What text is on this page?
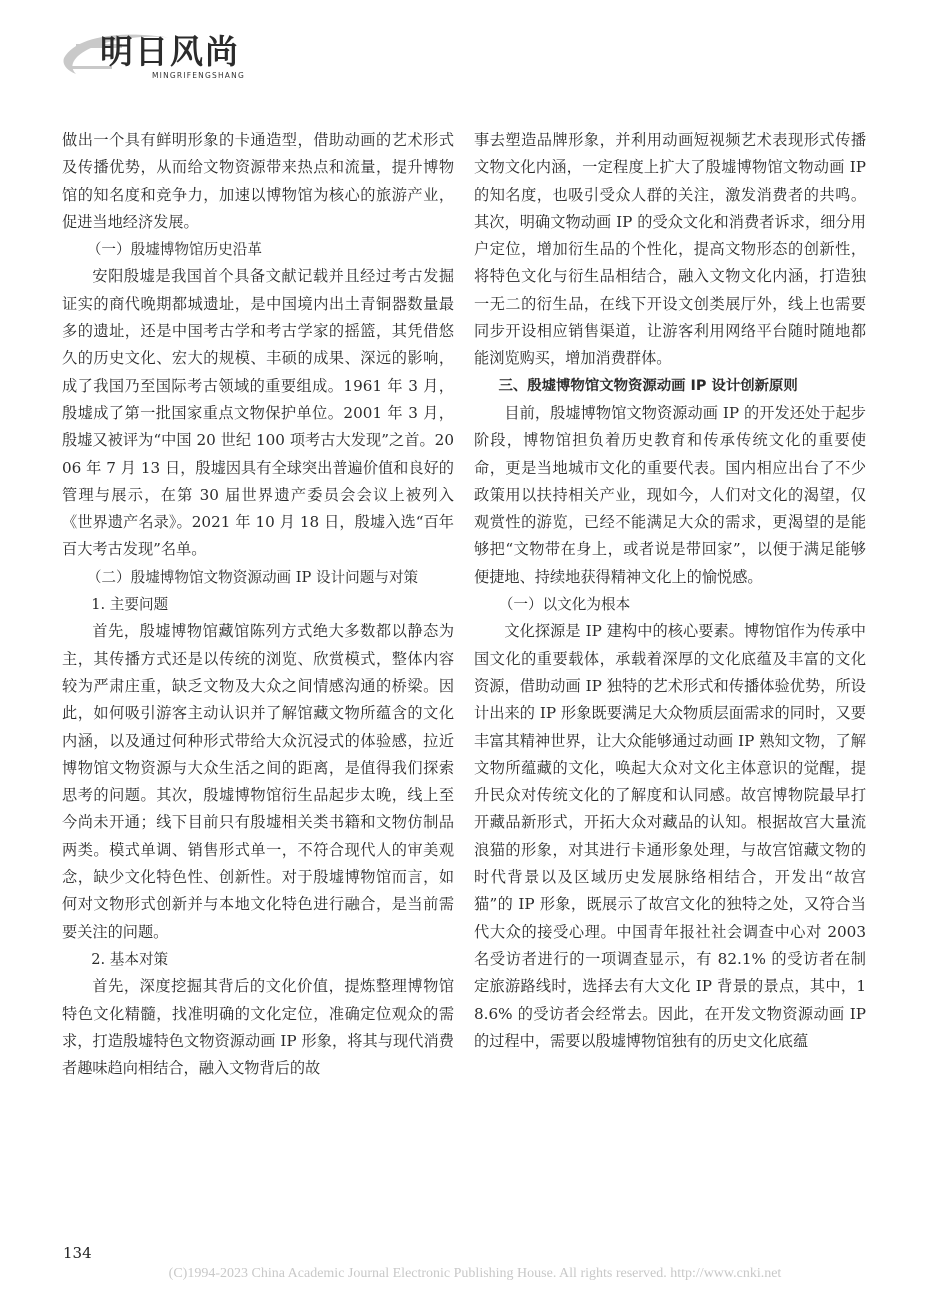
明日风尚
MINGRIFENGSHANG

做出一个具有鲜明形象的卡通造型，借助动画的艺术形式及传播优势，从而给文物资源带来热点和流量，提升博物馆的知名度和竞争力，加速以博物馆为核心的旅游产业，促进当地经济发展。

（一）殷墟博物馆历史沿革

安阳殷墟是我国首个具备文献记载并且经过考古发掘证实的商代晚期都城遗址，是中国境内出土青铜器数量最多的遗址，还是中国考古学和考古学家的摇篮，其凭借悠久的历史文化、宏大的规模、丰硕的成果、深远的影响，成了我国乃至国际考古领域的重要组成。1961 年 3 月，殷墟成了第一批国家重点文物保护单位。2001 年 3 月，殷墟又被评为“中国 20 世纪 100 项考古大发现”之首。2006 年 7 月 13 日，殷墟因具有全球突出普遍价值和良好的管理与展示，在第 30 届世界遗产委员会会议上被列入《世界遗产名录》。2021 年 10 月 18 日，殷墟入选“百年百大考古发现”名单。

（二）殷墟博物馆文物资源动画 IP 设计问题与对策

1. 主要问题

首先，殷墟博物馆藏馆陈列方式绝大多数都以静态为主，其传播方式还是以传统的浏览、欣赏模式，整体内容较为严肃庄重，缺乏文物及大众之间情感沟通的桥梁。因此，如何吸引游客主动认识并了解馆藏文物所蕴含的文化内涵，以及通过何种形式带给大众沉浸式的体验感，拉近博物馆文物资源与大众生活之间的距离，是值得我们探索思考的问题。其次，殷墟博物馆衍生品起步太晚，线上至今尚未开通；线下目前只有殷墟相关类书籍和文物仿制品两类。模式单调、销售形式单一，不符合现代人的审美观念，缺少文化特色性、创新性。对于殷墟博物馆而言，如何对文物形式创新并与本地文化特色进行融合，是当前需要关注的问题。

2. 基本对策

首先，深度挖掘其背后的文化价值，提炼整理博物馆特色文化精髓，找准明确的文化定位，准确定位观众的需求，打造殷墟特色文物资源动画 IP 形象，将其与现代消费者趣味趋向相结合，融入文物背后的故

事去塑造品牌形象，并利用动画短视频艺术表现形式传播文物文化内涵，一定程度上扩大了殷墟博物馆文物动画 IP 的知名度，也吸引受众人群的关注，激发消费者的共鸣。其次，明确文物动画 IP 的受众文化和消费者诉求，细分用户定位，增加衍生品的个性化，提高文物形态的创新性，将特色文化与衍生品相结合，融入文物文化内涵，打造独一无二的衍生品，在线下开设文创类展厅外，线上也需要同步开设相应销售渠道，让游客利用网络平台随时随地都能浏览购买，增加消费群体。

三、殷墟博物馆文物资源动画 IP 设计创新原则

目前，殷墟博物馆文物资源动画 IP 的开发还处于起步阶段，博物馆担负着历史教育和传承传统文化的重要使命，更是当地城市文化的重要代表。国内相应出台了不少政策用以扶持相关产业，现如今，人们对文化的渴望，仅观赏性的游览，已经不能满足大众的需求，更渴望的是能够把“文物带在身上，或者说是带回家”，以便于满足能够便捷地、持续地获得精神文化上的愉悦感。

（一）以文化为根本

文化探源是 IP 建构中的核心要素。博物馆作为传承中国文化的重要载体，承载着深厚的文化底蕴及丰富的文化资源，借助动画 IP 独特的艺术形式和传播体验优势，所设计出来的 IP 形象既要满足大众物质层面需求的同时，又要丰富其精神世界，让大众能够通过动画 IP 熟知文物，了解文物所蕴藏的文化，唤起大众对文化主体意识的觉醒，提升民众对传统文化的了解度和认同感。故宫博物院最早打开藏品新形式，开拓大众对藏品的认知。根据故宫大量流浪猫的形象，对其进行卡通形象处理，与故宫馆藏文物的时代背景以及区域历史发展脉络相结合，开发出“故宫猫”的 IP 形象，既展示了故宫文化的独特之处，又符合当代大众的接受心理。中国青年报社社会调查中心对 2003 名受访者进行的一项调查显示，有 82.1% 的受访者在制定旅游路线时，选择去有大文化 IP 背景的景点，其中，18.6% 的受访者会经常去。因此，在开发文物资源动画 IP 的过程中，需要以殷墟博物馆独有的历史文化底蕴

134
(C)1994-2023 China Academic Journal Electronic Publishing House. All rights reserved. http://www.cnki.net
